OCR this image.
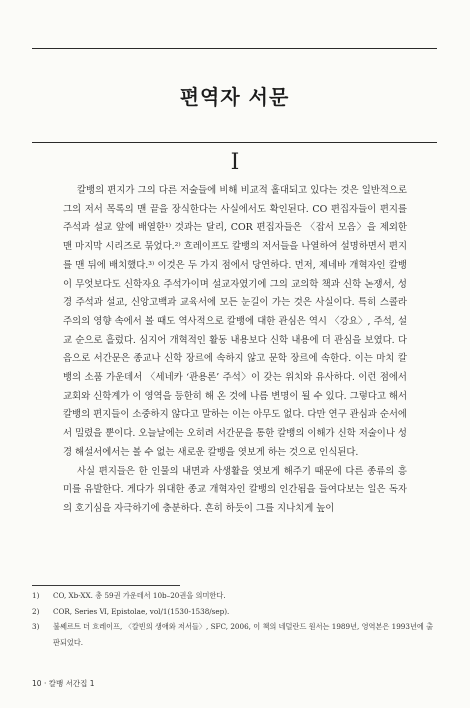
편역자 서문
I

칼뱅의 편지가 그의 다른 저술들에 비해 비교적 홀대되고 있다는 것은 일반적으로 그의 저서 목록의 맨 끝을 장식한다는 사실에서도 확인된다. CO 편집자들이 편지를 주석과 설교 앞에 배열한¹⁾ 것과는 달리, COR 편집자들은 〈잡서 모음〉을 제외한 맨 마지막 시리즈로 묶었다.²⁾ 흐레이프도 칼뱅의 저서들을 나열하여 설명하면서 편지를 맨 뒤에 배치했다.³⁾ 이것은 두 가지 점에서 당연하다. 먼저, 제네바 개혁자인 칼뱅이 무엇보다도 신학자요 주석가이며 설교자였기에 그의 교의학 책과 신학 논쟁서, 성경 주석과 설교, 신앙고백과 교육서에 모든 눈길이 가는 것은 사실이다. 특히 스콜라주의의 영향 속에서 볼 때도 역사적으로 칼뱅에 대한 관심은 역시 〈강요〉, 주석, 설교 순으로 흘렀다. 심지어 개혁적인 활동 내용보다 신학 내용에 더 관심을 보였다. 다음으로 서간문은 종교나 신학 장르에 속하지 않고 문학 장르에 속한다. 이는 마치 칼뱅의 소품 가운데서 〈세네카 ‘관용론’ 주석〉이 갖는 위치와 유사하다. 이런 점에서 교회와 신학계가 이 영역을 등한히 해 온 것에 나름 변명이 될 수 있다. 그렇다고 해서 칼뱅의 편지들이 소중하지 않다고 말하는 이는 아무도 없다. 다만 연구 관심과 순서에서 밀렸을 뿐이다. 오늘날에는 오히려 서간문을 통한 칼뱅의 이해가 신학 저술이나 성경 해설서에서는 볼 수 없는 새로운 칼뱅을 엿보게 하는 것으로 인식된다.

사실 편지들은 한 인물의 내면과 사생활을 엿보게 해주기 때문에 다른 종류의 흥미를 유발한다. 게다가 위대한 종교 개혁자인 칼뱅의 인간됨을 들여다보는 일은 독자의 호기심을 자극하기에 충분하다. 흔히 하듯이 그를 지나치게 높이

1)	CO, Xb-XX. 총 59권 가운데서 10b–20권을 의미한다.
2)	COR, Series Ⅵ, Epistolae, vol/1(1530-1538/sep).
3)	불쎄르트 더 흐레이프, 〈칼빈의 생애와 저서들〉, SFC, 2006, 이 책의 네덜란드 원서는 1989년, 영역본은 1993년에 출판되었다.
10 · 칼뱅 서간집 1
